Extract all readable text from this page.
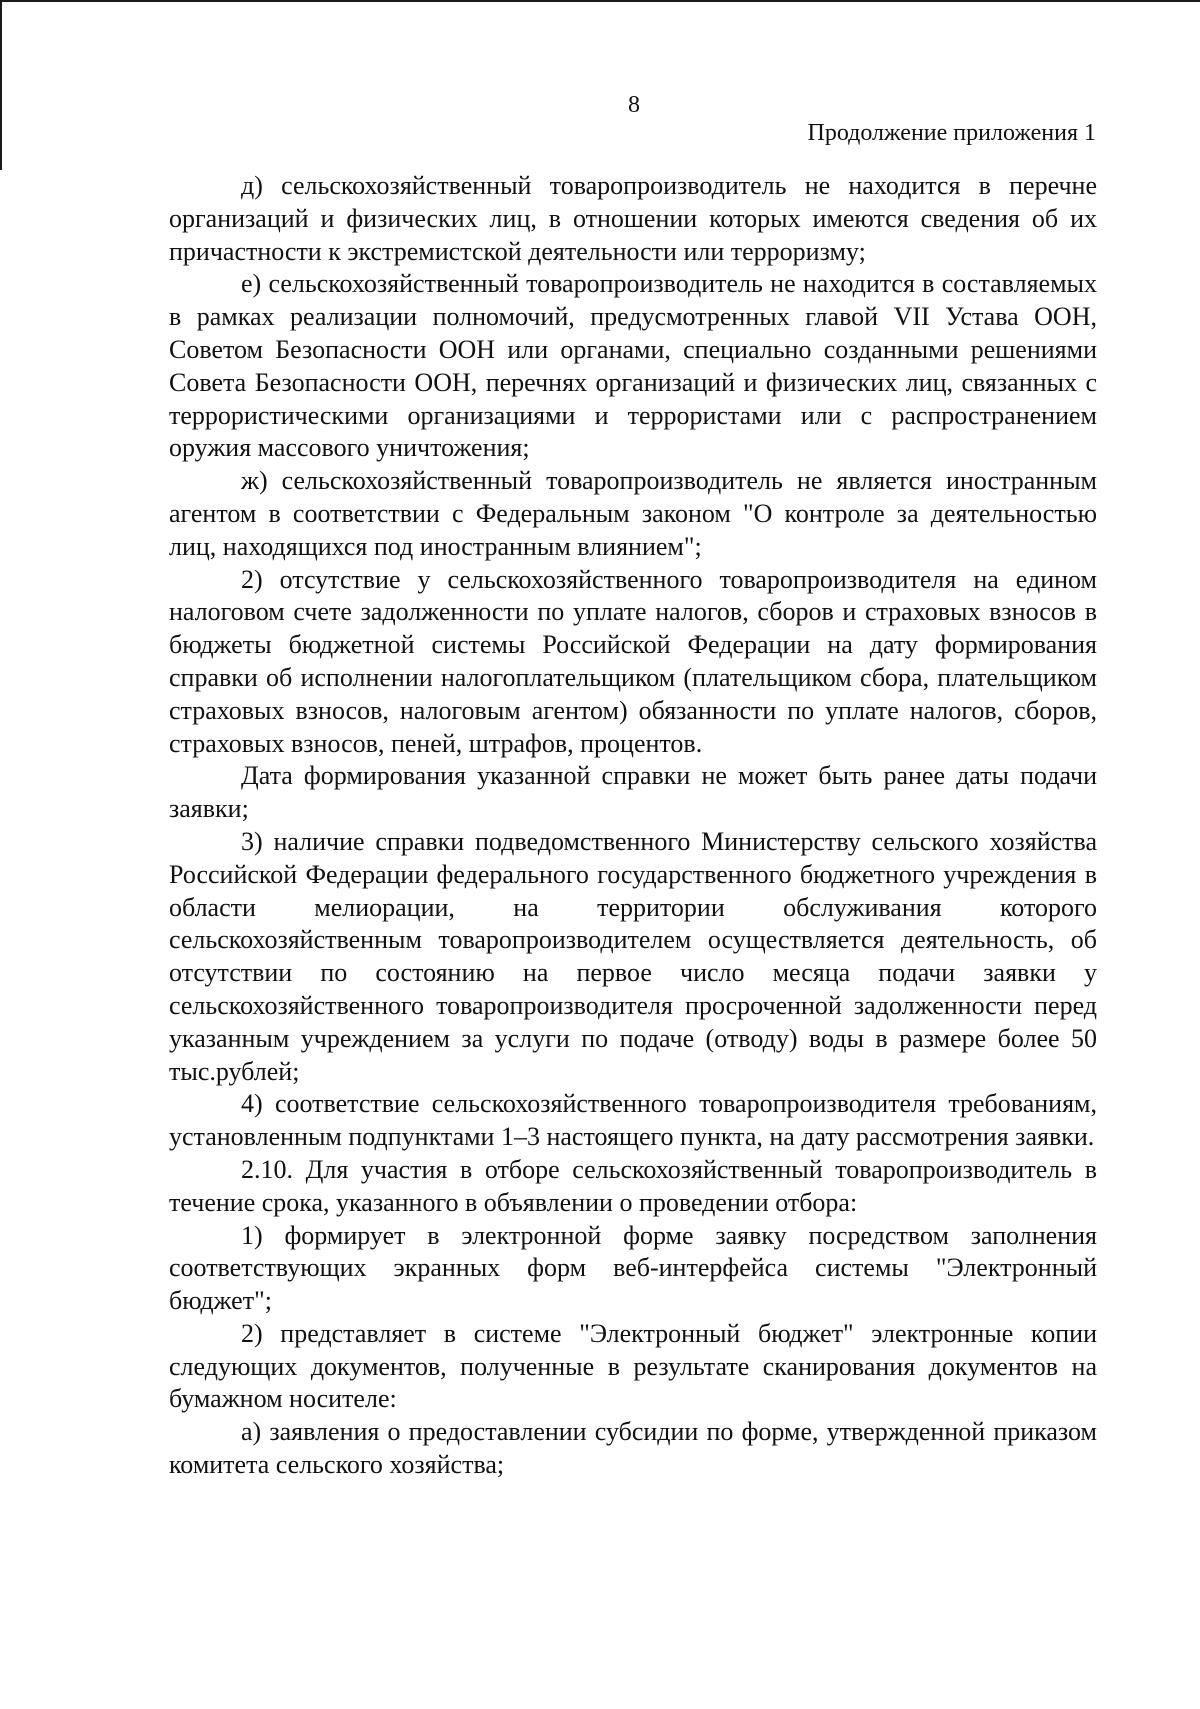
8
Продолжение приложения 1

д) сельскохозяйственный товаропроизводитель не находится в перечне организаций и физических лиц, в отношении которых имеются сведения об их причастности к экстремистской деятельности или терроризму;

е) сельскохозяйственный товаропроизводитель не находится в составляемых в рамках реализации полномочий, предусмотренных главой VII Устава ООН, Советом Безопасности ООН или органами, специально созданными решениями Совета Безопасности ООН, перечнях организаций и физических лиц, связанных с террористическими организациями и террористами или с распространением оружия массового уничтожения;

ж) сельскохозяйственный товаропроизводитель не является иностранным агентом в соответствии с Федеральным законом "О контроле за деятельностью лиц, находящихся под иностранным влиянием";

2) отсутствие у сельскохозяйственного товаропроизводителя на едином налоговом счете задолженности по уплате налогов, сборов и страховых взносов в бюджеты бюджетной системы Российской Федерации на дату формирования справки об исполнении налогоплательщиком (плательщиком сбора, плательщиком страховых взносов, налоговым агентом) обязанности по уплате налогов, сборов, страховых взносов, пеней, штрафов, процентов.

Дата формирования указанной справки не может быть ранее даты подачи заявки;

3) наличие справки подведомственного Министерству сельского хозяйства Российской Федерации федерального государственного бюджетного учреждения в области мелиорации, на территории обслуживания которого сельскохозяйственным товаропроизводителем осуществляется деятельность, об отсутствии по состоянию на первое число месяца подачи заявки у сельскохозяйственного товаропроизводителя просроченной задолженности перед указанным учреждением за услуги по подаче (отводу) воды в размере более 50 тыс.рублей;

4) соответствие сельскохозяйственного товаропроизводителя требованиям, установленным подпунктами 1–3 настоящего пункта, на дату рассмотрения заявки.

2.10. Для участия в отборе сельскохозяйственный товаропроизводитель в течение срока, указанного в объявлении о проведении отбора:

1) формирует в электронной форме заявку посредством заполнения соответствующих экранных форм веб-интерфейса системы "Электронный бюджет";

2) представляет в системе "Электронный бюджет" электронные копии следующих документов, полученные в результате сканирования документов на бумажном носителе:

а) заявления о предоставлении субсидии по форме, утвержденной приказом комитета сельского хозяйства;
